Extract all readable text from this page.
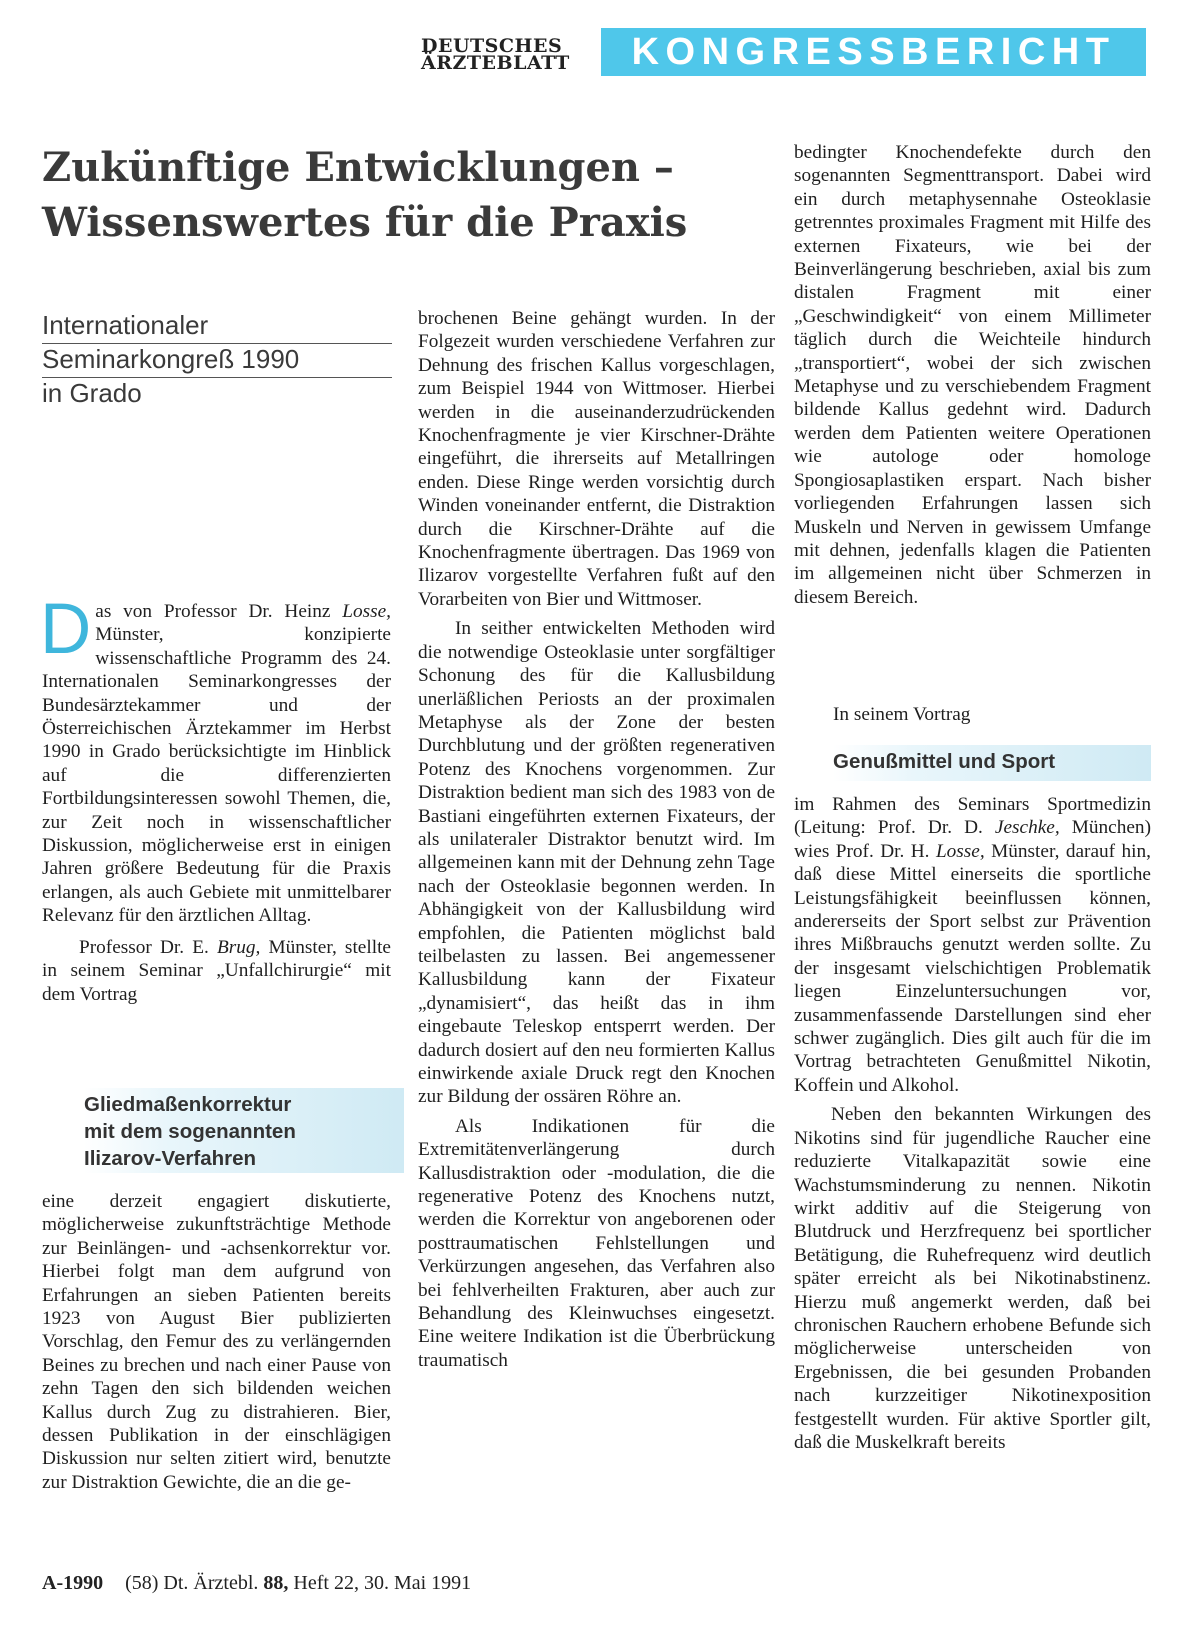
DEUTSCHES
ÄRZTEBLATT	KONGRESSBERICHT
Zukünftige Entwicklungen –
Wissenswertes für die Praxis
Internationaler
Seminarkongreß 1990
in Grado

Das von Professor Dr. Heinz Losse, Münster, konzipierte wissenschaftliche Programm des 24. Internationalen Seminarkongresses der Bundesärztekammer und der Österreichischen Ärztekammer im Herbst 1990 in Grado berücksichtigte im Hinblick auf die differenzierten Fortbildungsinteressen sowohl Themen, die, zur Zeit noch in wissenschaftlicher Diskussion, möglicherweise erst in einigen Jahren größere Bedeutung für die Praxis erlangen, als auch Gebiete mit unmittelbarer Relevanz für den ärztlichen Alltag.

Professor Dr. E. Brug, Münster, stellte in seinem Seminar „Unfallchirurgie“ mit dem Vortrag

Gliedmaßenkorrektur
mit dem sogenannten
Ilizarov-Verfahren

eine derzeit engagiert diskutierte, möglicherweise zukunftsträchtige Methode zur Beinlängen- und -achsenkorrektur vor. Hierbei folgt man dem aufgrund von Erfahrungen an sieben Patienten bereits 1923 von August Bier publizierten Vorschlag, den Femur des zu verlängernden Beines zu brechen und nach einer Pause von zehn Tagen den sich bildenden weichen Kallus durch Zug zu distrahieren. Bier, dessen Publikation in der einschlägigen Diskussion nur selten zitiert wird, benutzte zur Distraktion Gewichte, die an die ge-

brochenen Beine gehängt wurden. In der Folgezeit wurden verschiedene Verfahren zur Dehnung des frischen Kallus vorgeschlagen, zum Beispiel 1944 von Wittmoser. Hierbei werden in die auseinanderzudrückenden Knochenfragmente je vier Kirschner-Drähte eingeführt, die ihrerseits auf Metallringen enden. Diese Ringe werden vorsichtig durch Winden voneinander entfernt, die Distraktion durch die Kirschner-Drähte auf die Knochenfragmente übertragen. Das 1969 von Ilizarov vorgestellte Verfahren fußt auf den Vorarbeiten von Bier und Wittmoser.

In seither entwickelten Methoden wird die notwendige Osteoklasie unter sorgfältiger Schonung des für die Kallusbildung unerläßlichen Periosts an der proximalen Metaphyse als der Zone der besten Durchblutung und der größten regenerativen Potenz des Knochens vorgenommen. Zur Distraktion bedient man sich des 1983 von de Bastiani eingeführten externen Fixateurs, der als unilateraler Distraktor benutzt wird. Im allgemeinen kann mit der Dehnung zehn Tage nach der Osteoklasie begonnen werden. In Abhängigkeit von der Kallusbildung wird empfohlen, die Patienten möglichst bald teilbelasten zu lassen. Bei angemessener Kallusbildung kann der Fixateur „dynamisiert“, das heißt das in ihm eingebaute Teleskop entsperrt werden. Der dadurch dosiert auf den neu formierten Kallus einwirkende axiale Druck regt den Knochen zur Bildung der ossären Röhre an.

Als Indikationen für die Extremitätenverlängerung durch Kallusdistraktion oder -modulation, die die regenerative Potenz des Knochens nutzt, werden die Korrektur von angeborenen oder posttraumatischen Fehlstellungen und Verkürzungen angesehen, das Verfahren also bei fehlverheilten Frakturen, aber auch zur Behandlung des Kleinwuchses eingesetzt. Eine weitere Indikation ist die Überbrückung traumatisch

bedingter Knochendefekte durch den sogenannten Segmenttransport. Dabei wird ein durch metaphysennahe Osteoklasie getrenntes proximales Fragment mit Hilfe des externen Fixateurs, wie bei der Beinverlängerung beschrieben, axial bis zum distalen Fragment mit einer „Geschwindigkeit“ von einem Millimeter täglich durch die Weichteile hindurch „transportiert“, wobei der sich zwischen Metaphyse und zu verschiebendem Fragment bildende Kallus gedehnt wird. Dadurch werden dem Patienten weitere Operationen wie autologe oder homologe Spongiosaplastiken erspart. Nach bisher vorliegenden Erfahrungen lassen sich Muskeln und Nerven in gewissem Umfange mit dehnen, jedenfalls klagen die Patienten im allgemeinen nicht über Schmerzen in diesem Bereich.

In seinem Vortrag
Genußmittel und Sport

im Rahmen des Seminars Sportmedizin (Leitung: Prof. Dr. D. Jeschke, München) wies Prof. Dr. H. Losse, Münster, darauf hin, daß diese Mittel einerseits die sportliche Leistungsfähigkeit beeinflussen können, andererseits der Sport selbst zur Prävention ihres Mißbrauchs genutzt werden sollte. Zu der insgesamt vielschichtigen Problematik liegen Einzeluntersuchungen vor, zusammenfassende Darstellungen sind eher schwer zugänglich. Dies gilt auch für die im Vortrag betrachteten Genußmittel Nikotin, Koffein und Alkohol.

Neben den bekannten Wirkungen des Nikotins sind für jugendliche Raucher eine reduzierte Vitalkapazität sowie eine Wachstumsminderung zu nennen. Nikotin wirkt additiv auf die Steigerung von Blutdruck und Herzfrequenz bei sportlicher Betätigung, die Ruhefrequenz wird deutlich später erreicht als bei Nikotinabstinenz. Hierzu muß angemerkt werden, daß bei chronischen Rauchern erhobene Befunde sich möglicherweise unterscheiden von Ergebnissen, die bei gesunden Probanden nach kurzzeitiger Nikotinexposition festgestellt wurden. Für aktive Sportler gilt, daß die Muskelkraft bereits

A-1990 (58) Dt. Ärztebl. 88, Heft 22, 30. Mai 1991
